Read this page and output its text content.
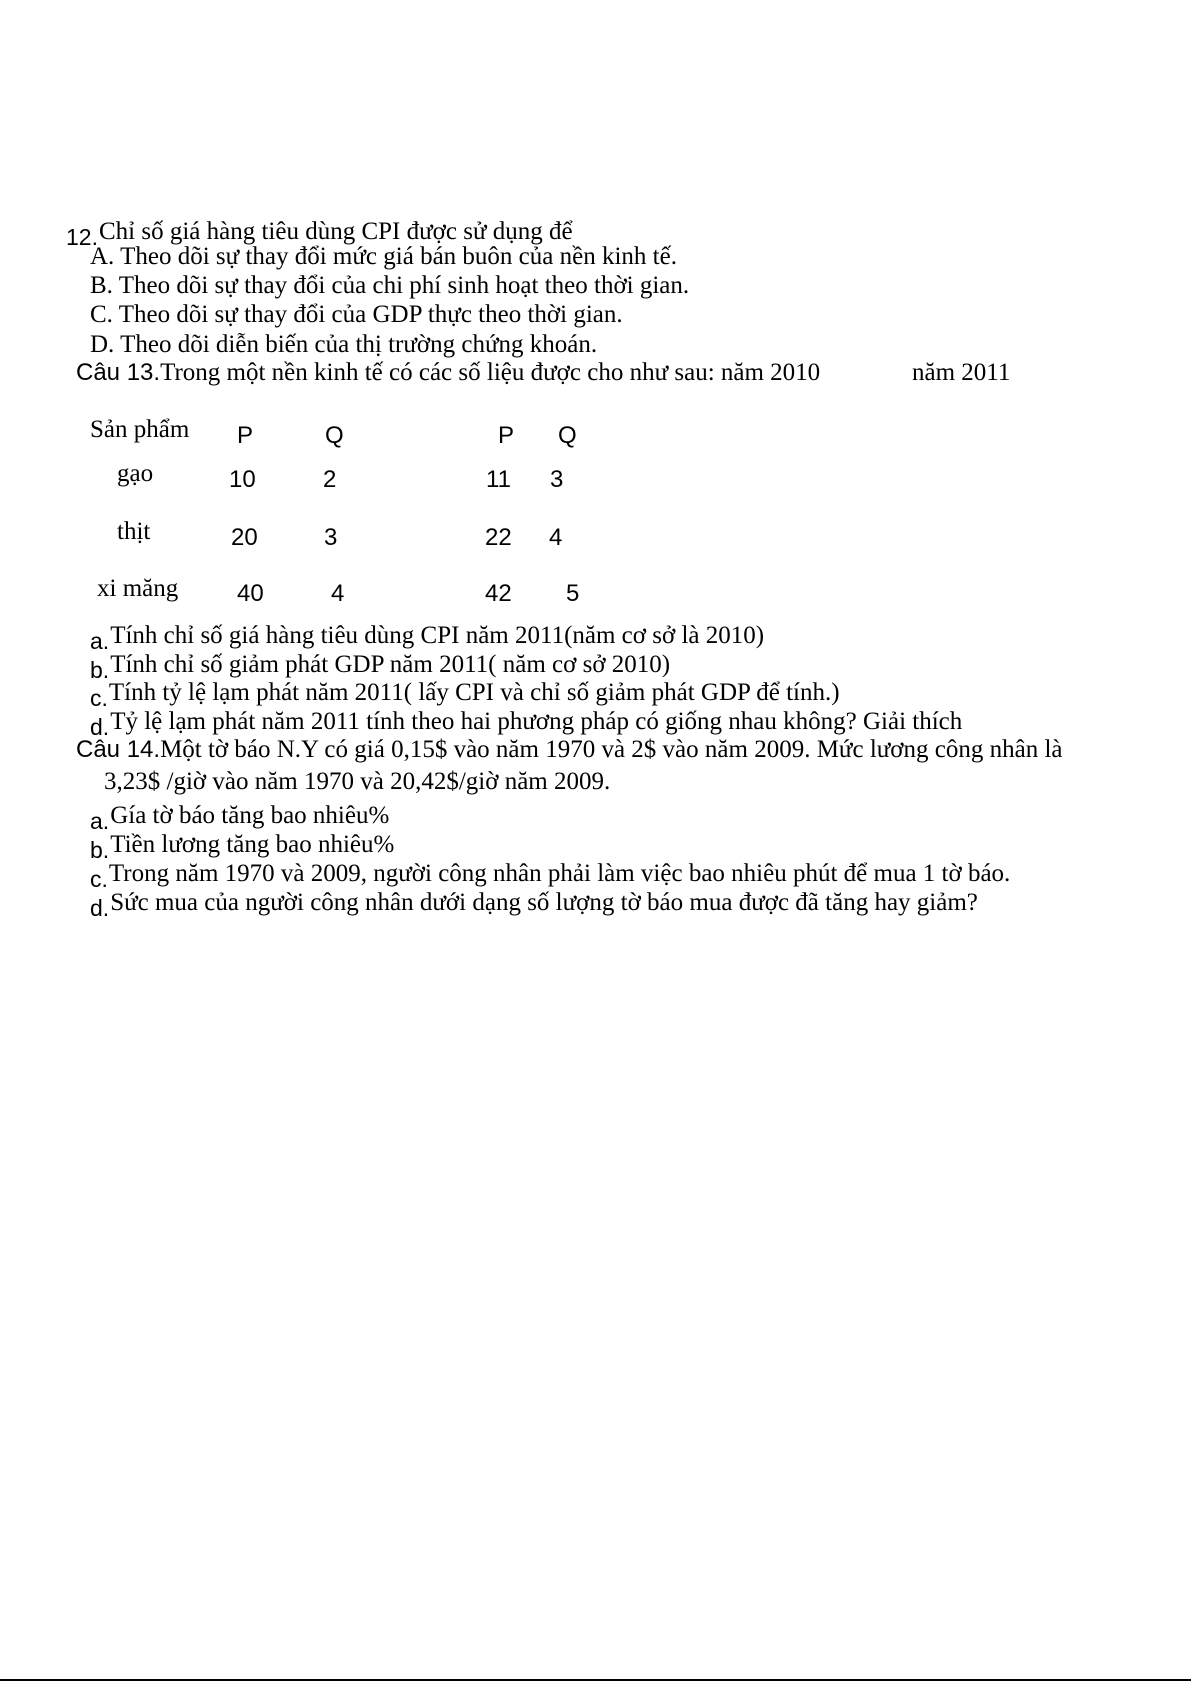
12.Chỉ số giá hàng tiêu dùng CPI được sử dụng để
A. Theo dõi sự thay đổi mức giá bán buôn của nền kinh tế.
B. Theo dõi sự thay đổi của chi phí sinh hoạt theo thời gian.
C. Theo dõi sự thay đổi của GDP thực theo thời gian.
D. Theo dõi diễn biến của thị trường chứng khoán.
Câu 13.Trong một nền kinh tế có các số liệu được cho như sau: năm 2010	năm 2011
Sản phẩm P	Q	P Q
gạo	10	2	11 3
thịt	20	3	22 4
xi măng 40	4	42 5
a.Tính chỉ số giá hàng tiêu dùng CPI năm 2011(năm cơ sở là 2010)
b.Tính chỉ số giảm phát GDP năm 2011( năm cơ sở 2010)
c.Tính tỷ lệ lạm phát năm 2011( lấy CPI và chỉ số giảm phát GDP để tính.)
d.Tỷ lệ lạm phát năm 2011 tính theo hai phương pháp có giống nhau không? Giải thích
Câu 14.Một tờ báo N.Y có giá 0,15$ vào năm 1970 và 2$ vào năm 2009. Mức lương công nhân là
3,23$ /giờ vào năm 1970 và 20,42$/giờ năm 2009.
a.Gía tờ báo tăng bao nhiêu%
b.Tiền lương tăng bao nhiêu%
c.Trong năm 1970 và 2009, người công nhân phải làm việc bao nhiêu phút để mua 1 tờ báo.
d.Sức mua của người công nhân dưới dạng số lượng tờ báo mua được đã tăng hay giảm?
